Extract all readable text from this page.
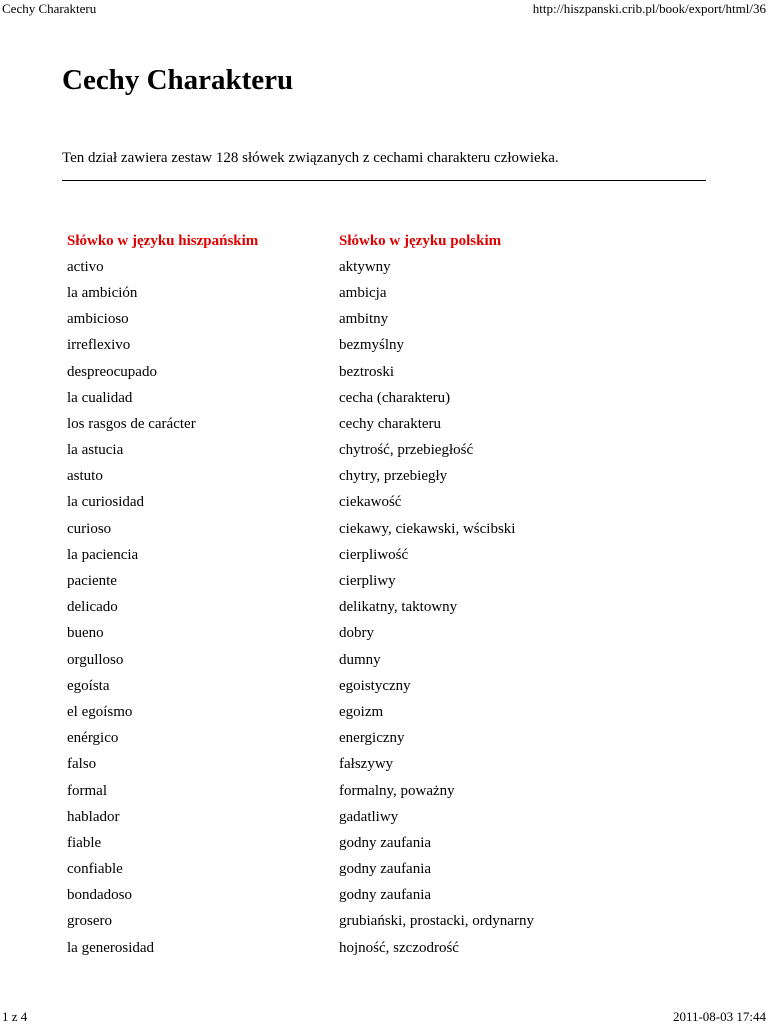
Cechy Charakteru	http://hiszpanski.crib.pl/book/export/html/36
Cechy Charakteru

Ten dział zawiera zestaw 128 słówek związanych z cechami charakteru człowieka.

Słówko w języku hiszpańskim	Słówko w języku polskim
activo	aktywny
la ambición	ambicja
ambicioso	ambitny
irreflexivo	bezmyślny
despreocupado	beztroski
la cualidad	cecha (charakteru)
los rasgos de carácter	cechy charakteru
la astucia	chytrość, przebiegłość
astuto	chytry, przebiegły
la curiosidad	ciekawość
curioso	ciekawy, ciekawski, wścibski
la paciencia	cierpliwość
paciente	cierpliwy
delicado	delikatny, taktowny
bueno	dobry
orgulloso	dumny
egoísta	egoistyczny
el egoísmo	egoizm
enérgico	energiczny
falso	fałszywy
formal	formalny, poważny
hablador	gadatliwy
fiable	godny zaufania
confiable	godny zaufania
bondadoso	godny zaufania
grosero	grubiański, prostacki, ordynarny
la generosidad	hojność, szczodrość
1 z 4	2011-08-03 17:44
